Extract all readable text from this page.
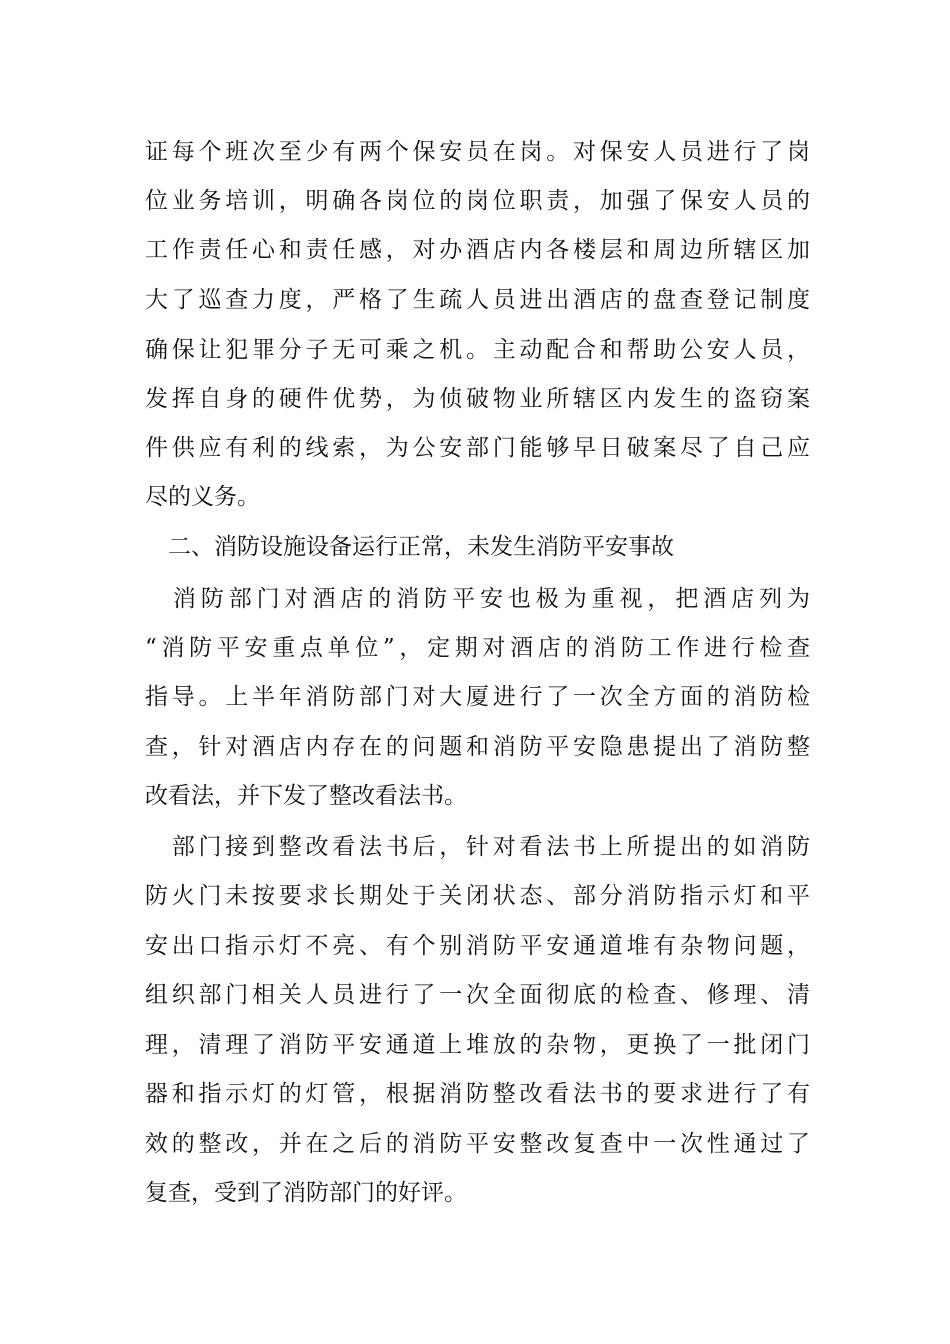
证每个班次至少有两个保安员在岗。对保安人员进行了岗
位业务培训，明确各岗位的岗位职责，加强了保安人员的
工作责任心和责任感，对办酒店内各楼层和周边所辖区加
大了巡查力度，严格了生疏人员进出酒店的盘查登记制度
确保让犯罪分子无可乘之机。主动配合和帮助公安人员，
发挥自身的硬件优势，为侦破物业所辖区内发生的盗窃案
件供应有利的线索，为公安部门能够早日破案尽了自己应
尽的义务。
　二、消防设施设备运行正常，未发生消防平安事故
　消防部门对酒店的消防平安也极为重视，把酒店列为
“消防平安重点单位”，定期对酒店的消防工作进行检查
指导。上半年消防部门对大厦进行了一次全方面的消防检
查，针对酒店内存在的问题和消防平安隐患提出了消防整
改看法，并下发了整改看法书。
　部门接到整改看法书后，针对看法书上所提出的如消防
防火门未按要求长期处于关闭状态、部分消防指示灯和平
安出口指示灯不亮、有个别消防平安通道堆有杂物问题，
组织部门相关人员进行了一次全面彻底的检查、修理、清
理，清理了消防平安通道上堆放的杂物，更换了一批闭门
器和指示灯的灯管，根据消防整改看法书的要求进行了有
效的整改，并在之后的消防平安整改复查中一次性通过了
复查，受到了消防部门的好评。
